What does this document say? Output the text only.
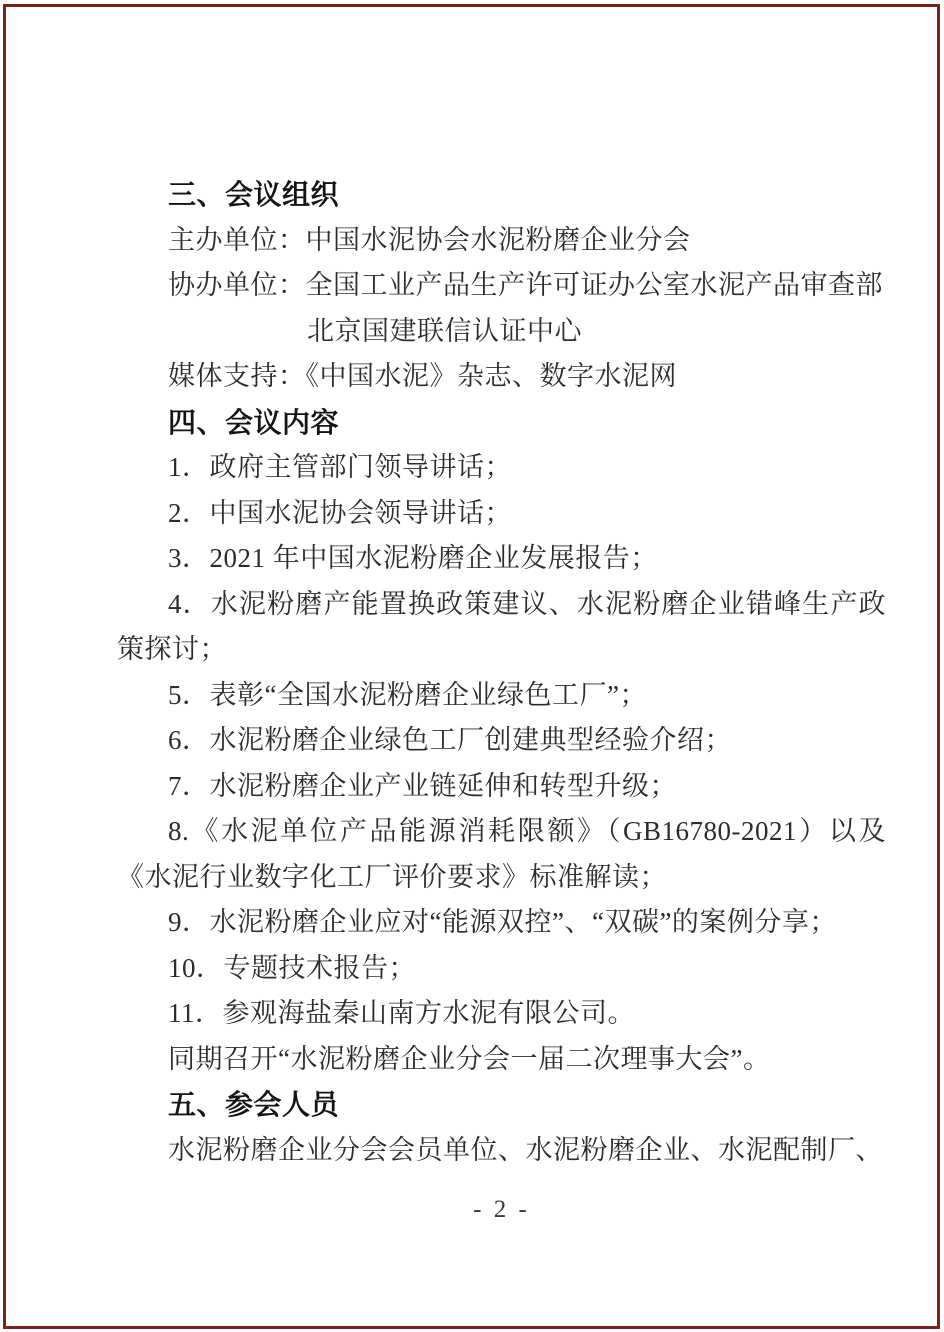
三、会议组织

主办单位：中国水泥协会水泥粉磨企业分会

协办单位：全国工业产品生产许可证办公室水泥产品审查部
北京国建联信认证中心

媒体支持：《中国水泥》杂志、数字水泥网

四、会议内容

1．政府主管部门领导讲话；

2．中国水泥协会领导讲话；

3．2021 年中国水泥粉磨企业发展报告；

4．水泥粉磨产能置换政策建议、水泥粉磨企业错峰生产政策探讨；

5．表彰“全国水泥粉磨企业绿色工厂”；

6．水泥粉磨企业绿色工厂创建典型经验介绍；

7．水泥粉磨企业产业链延伸和转型升级；

8.《水泥单位产品能源消耗限额》（GB16780-2021）以及《水泥行业数字化工厂评价要求》标准解读；

9．水泥粉磨企业应对“能源双控”、“双碳”的案例分享；

10．专题技术报告；

11．参观海盐秦山南方水泥有限公司。

同期召开“水泥粉磨企业分会一届二次理事大会”。

五、参会人员

水泥粉磨企业分会会员单位、水泥粉磨企业、水泥配制厂、

- 2 -
